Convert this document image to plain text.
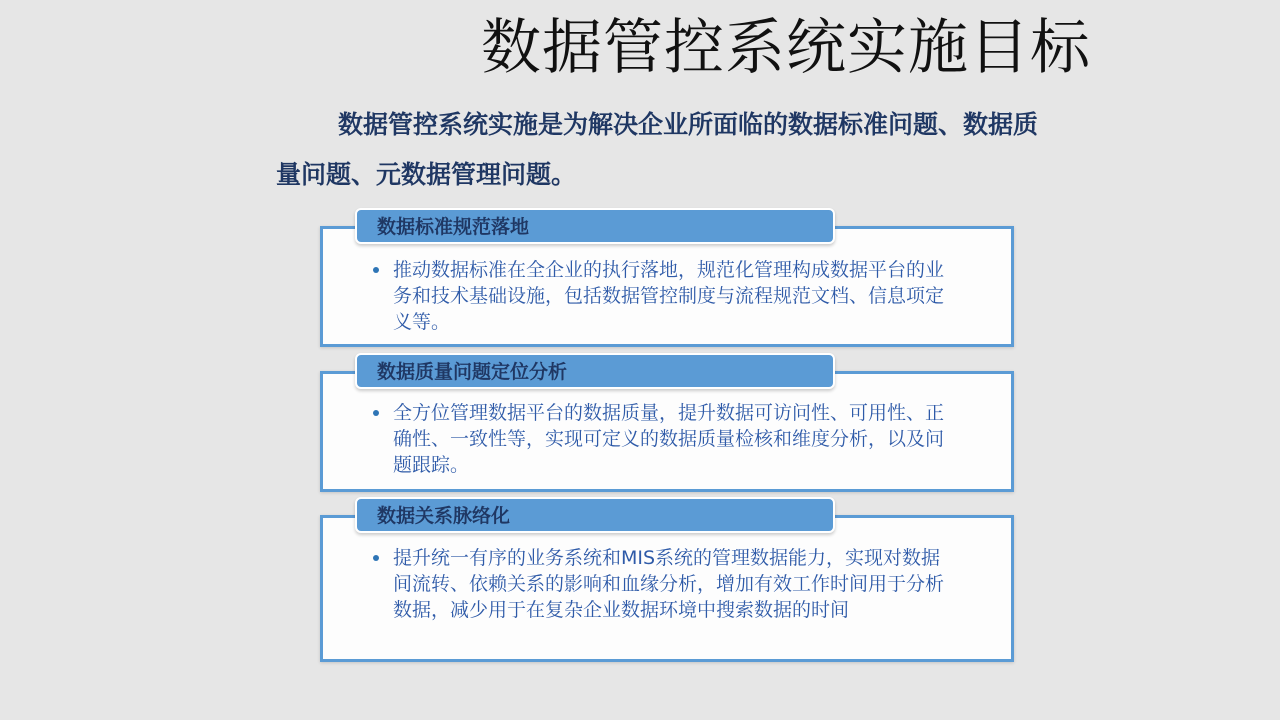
数据管控系统实施目标
数据管控系统实施是为解决企业所面临的数据标准问题、数据质量问题、元数据管理问题。
数据标准规范落地
推动数据标准在全企业的执行落地，规范化管理构成数据平台的业务和技术基础设施，包括数据管控制度与流程规范文档、信息项定义等。
数据质量问题定位分析
全方位管理数据平台的数据质量，提升数据可访问性、可用性、正确性、一致性等，实现可定义的数据质量检核和维度分析，以及问题跟踪。
数据关系脉络化
提升统一有序的业务系统和MIS系统的管理数据能力，实现对数据间流转、依赖关系的影响和血缘分析，增加有效工作时间用于分析数据，减少用于在复杂企业数据环境中搜索数据的时间
